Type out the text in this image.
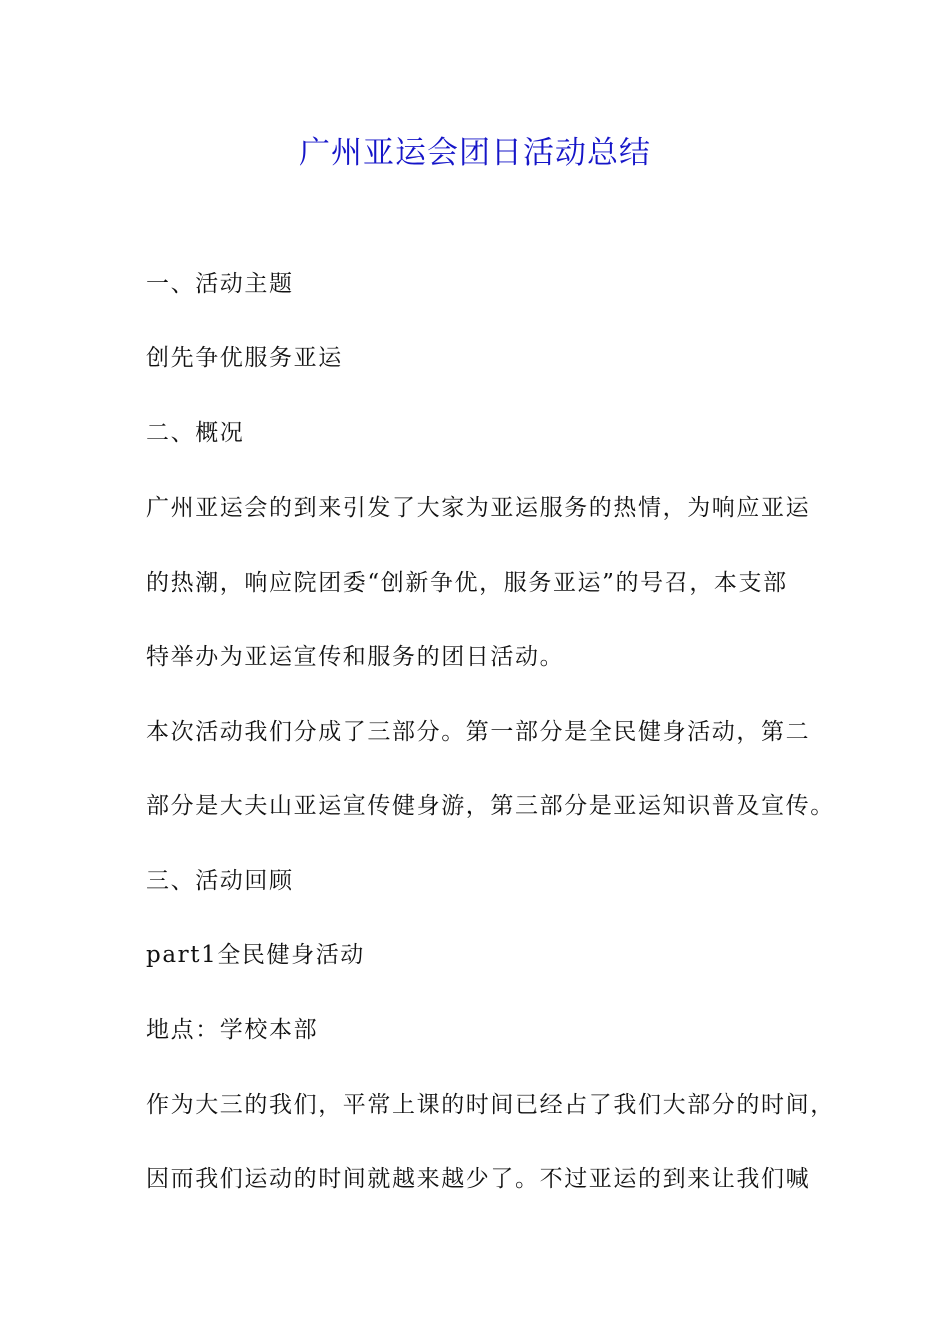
广州亚运会团日活动总结

一、活动主题

创先争优服务亚运

二、概况

广州亚运会的到来引发了大家为亚运服务的热情，为响应亚运

的热潮，响应院团委“创新争优，服务亚运”的号召，本支部

特举办为亚运宣传和服务的团日活动。

本次活动我们分成了三部分。第一部分是全民健身活动，第二

部分是大夫山亚运宣传健身游，第三部分是亚运知识普及宣传。

三、活动回顾

part1全民健身活动

地点：学校本部

作为大三的我们，平常上课的时间已经占了我们大部分的时间，

因而我们运动的时间就越来越少了。不过亚运的到来让我们喊
